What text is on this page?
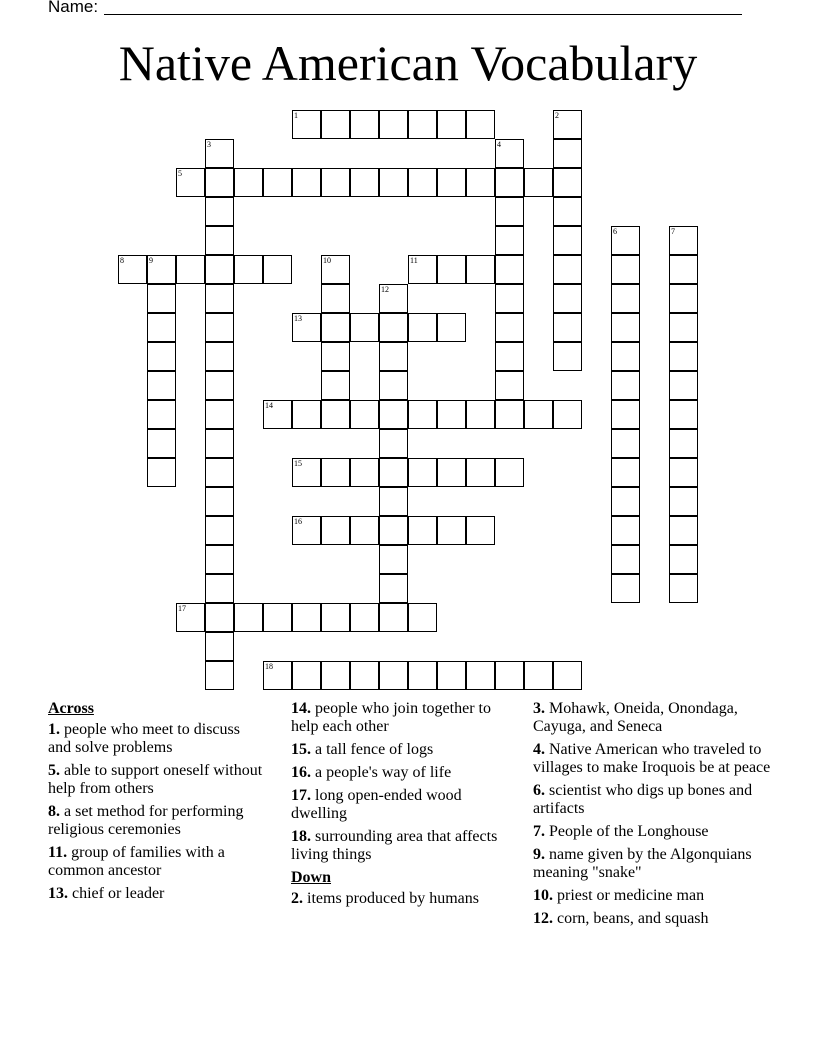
Name:
Native American Vocabulary
1	2
3	4
5
6	7
8	9	10	11
12
13
14
15
16
17
18
Across
1. people who meet to discuss and solve problems
5. able to support oneself without help from others
8. a set method for performing religious ceremonies
11. group of families with a common ancestor
13. chief or leader
14. people who join together to help each other
15. a tall fence of logs
16. a people's way of life
17. long open-ended wood dwelling
18. surrounding area that affects living things
Down
2. items produced by humans
3. Mohawk, Oneida, Onondaga, Cayuga, and Seneca
4. Native American who traveled to villages to make Iroquois be at peace
6. scientist who digs up bones and artifacts
7. People of the Longhouse
9. name given by the Algonquians meaning "snake"
10. priest or medicine man
12. corn, beans, and squash
